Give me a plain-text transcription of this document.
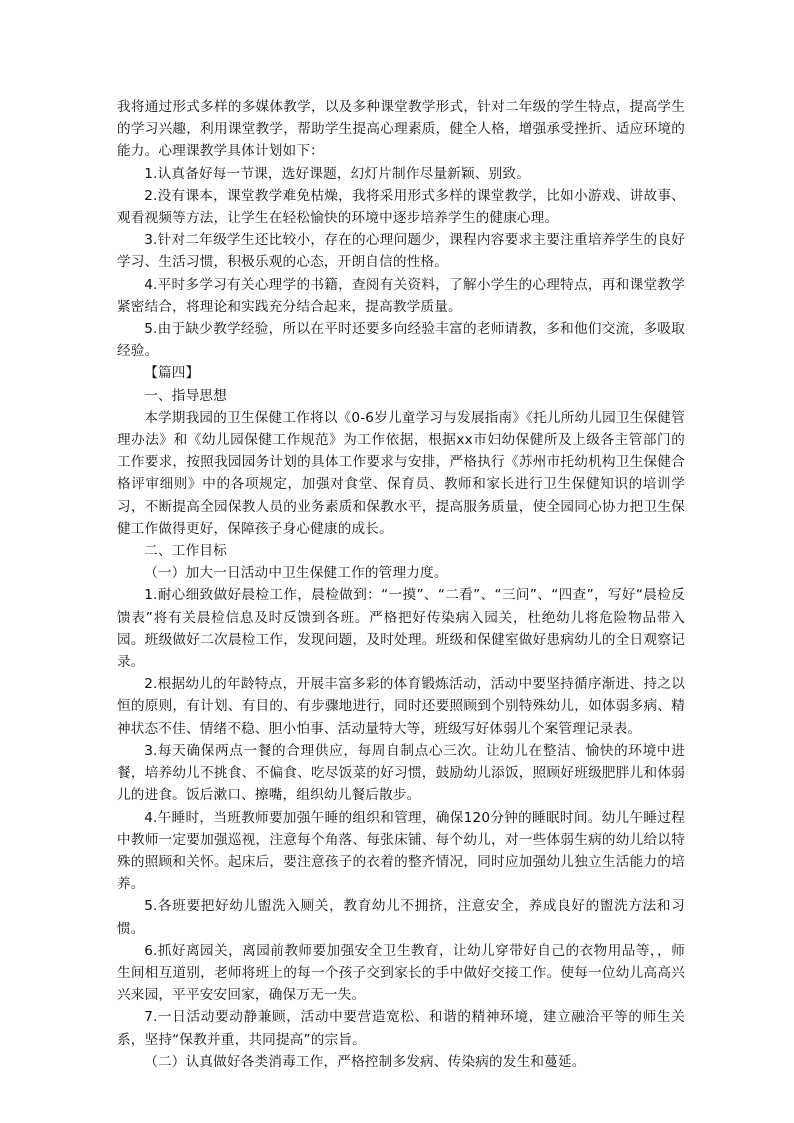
我将通过形式多样的多媒体教学，以及多种课堂教学形式，针对二年级的学生特点，提高学生的学习兴趣，利用课堂教学，帮助学生提高心理素质，健全人格，增强承受挫折、适应环境的能力。心理课教学具体计划如下：

1.认真备好每一节课，选好课题，幻灯片制作尽量新颖、别致。

2.没有课本，课堂教学难免枯燥，我将采用形式多样的课堂教学，比如小游戏、讲故事、观看视频等方法，让学生在轻松愉快的环境中逐步培养学生的健康心理。

3.针对二年级学生还比较小，存在的心理问题少，课程内容要求主要注重培养学生的良好学习、生活习惯，积极乐观的心态，开朗自信的性格。

4.平时多学习有关心理学的书籍，查阅有关资料，了解小学生的心理特点，再和课堂教学紧密结合，将理论和实践充分结合起来，提高教学质量。

5.由于缺少教学经验，所以在平时还要多向经验丰富的老师请教，多和他们交流，多吸取经验。

【篇四】

一、指导思想

本学期我园的卫生保健工作将以《0-6岁儿童学习与发展指南》《托儿所幼儿园卫生保健管理办法》和《幼儿园保健工作规范》为工作依据，根据xx市妇幼保健所及上级各主管部门的工作要求，按照我园园务计划的具体工作要求与安排，严格执行《苏州市托幼机构卫生保健合格评审细则》中的各项规定，加强对食堂、保育员、教师和家长进行卫生保健知识的培训学习，不断提高全园保教人员的业务素质和保教水平，提高服务质量，使全园同心协力把卫生保健工作做得更好，保障孩子身心健康的成长。

二、工作目标

（一）加大一日活动中卫生保健工作的管理力度。

1.耐心细致做好晨检工作，晨检做到：“一摸”、“二看”、“三问”、“四查”，写好“晨检反馈表”将有关晨检信息及时反馈到各班。严格把好传染病入园关，杜绝幼儿将危险物品带入园。班级做好二次晨检工作，发现问题，及时处理。班级和保健室做好患病幼儿的全日观察记录。

2.根据幼儿的年龄特点，开展丰富多彩的体育锻炼活动，活动中要坚持循序渐进、持之以恒的原则，有计划、有目的、有步骤地进行，同时还要照顾到个别特殊幼儿，如体弱多病、精神状态不佳、情绪不稳、胆小怕事、活动量特大等，班级写好体弱儿个案管理记录表。

3.每天确保两点一餐的合理供应，每周自制点心三次。让幼儿在整洁、愉快的环境中进餐，培养幼儿不挑食、不偏食、吃尽饭菜的好习惯，鼓励幼儿添饭，照顾好班级肥胖儿和体弱儿的进食。饭后漱口、擦嘴，组织幼儿餐后散步。

4.午睡时，当班教师要加强午睡的组织和管理，确保120分钟的睡眠时间。幼儿午睡过程中教师一定要加强巡视，注意每个角落、每张床铺、每个幼儿，对一些体弱生病的幼儿给以特殊的照顾和关怀。起床后，要注意孩子的衣着的整齐情况，同时应加强幼儿独立生活能力的培养。

5.各班要把好幼儿盥洗入厕关，教育幼儿不拥挤，注意安全，养成良好的盥洗方法和习惯。

6.抓好离园关，离园前教师要加强安全卫生教育，让幼儿穿带好自己的衣物用品等，，师生间相互道别，老师将班上的每一个孩子交到家长的手中做好交接工作。使每一位幼儿高高兴兴来园，平平安安回家，确保万无一失。

7.一日活动要动静兼顾，活动中要营造宽松、和谐的精神环境，建立融洽平等的师生关系，坚持“保教并重，共同提高”的宗旨。

（二）认真做好各类消毒工作，严格控制多发病、传染病的发生和蔓延。
